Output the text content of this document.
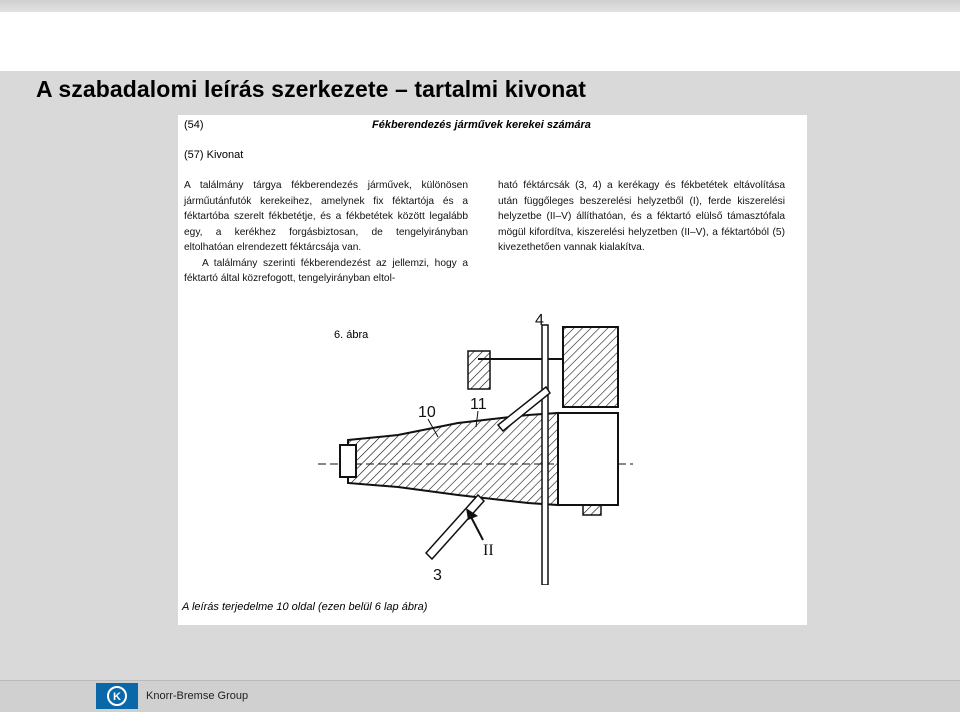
A szabadalomi leírás szerkezete – tartalmi kivonat
(54)	Fékberendezés járművek kerekei számára
(57) Kivonat

A találmány tárgya fékberendezés járművek, különösen járműutánfutók kerekeihez, amelynek fix féktartója és a féktartóba szerelt fékbetétje, és a fékbetétek között legalább egy, a kerékhez forgásbiztosan, de tengelyirányban eltolhatóan elrendezett féktárcsája van.

A találmány szerinti fékberendezést az jellemzi, hogy a féktartó által közrefogott, tengelyirányban eltol-

ható féktárcsák (3, 4) a kerékagy és fékbetétek eltávolítása után függőleges beszerelési helyzetből (I), ferde kiszerelési helyzetbe (II–V) állíthatóan, és a féktartó elülső támasztófala mögül kifordítva, kiszerelési helyzetben (II–V), a féktartóból (5) kivezethetően vannak kialakítva.

6. ábra
4
10 11
3
II
A leírás terjedelme 10 oldal (ezen belül 6 lap ábra)
K Knorr-Bremse Group
